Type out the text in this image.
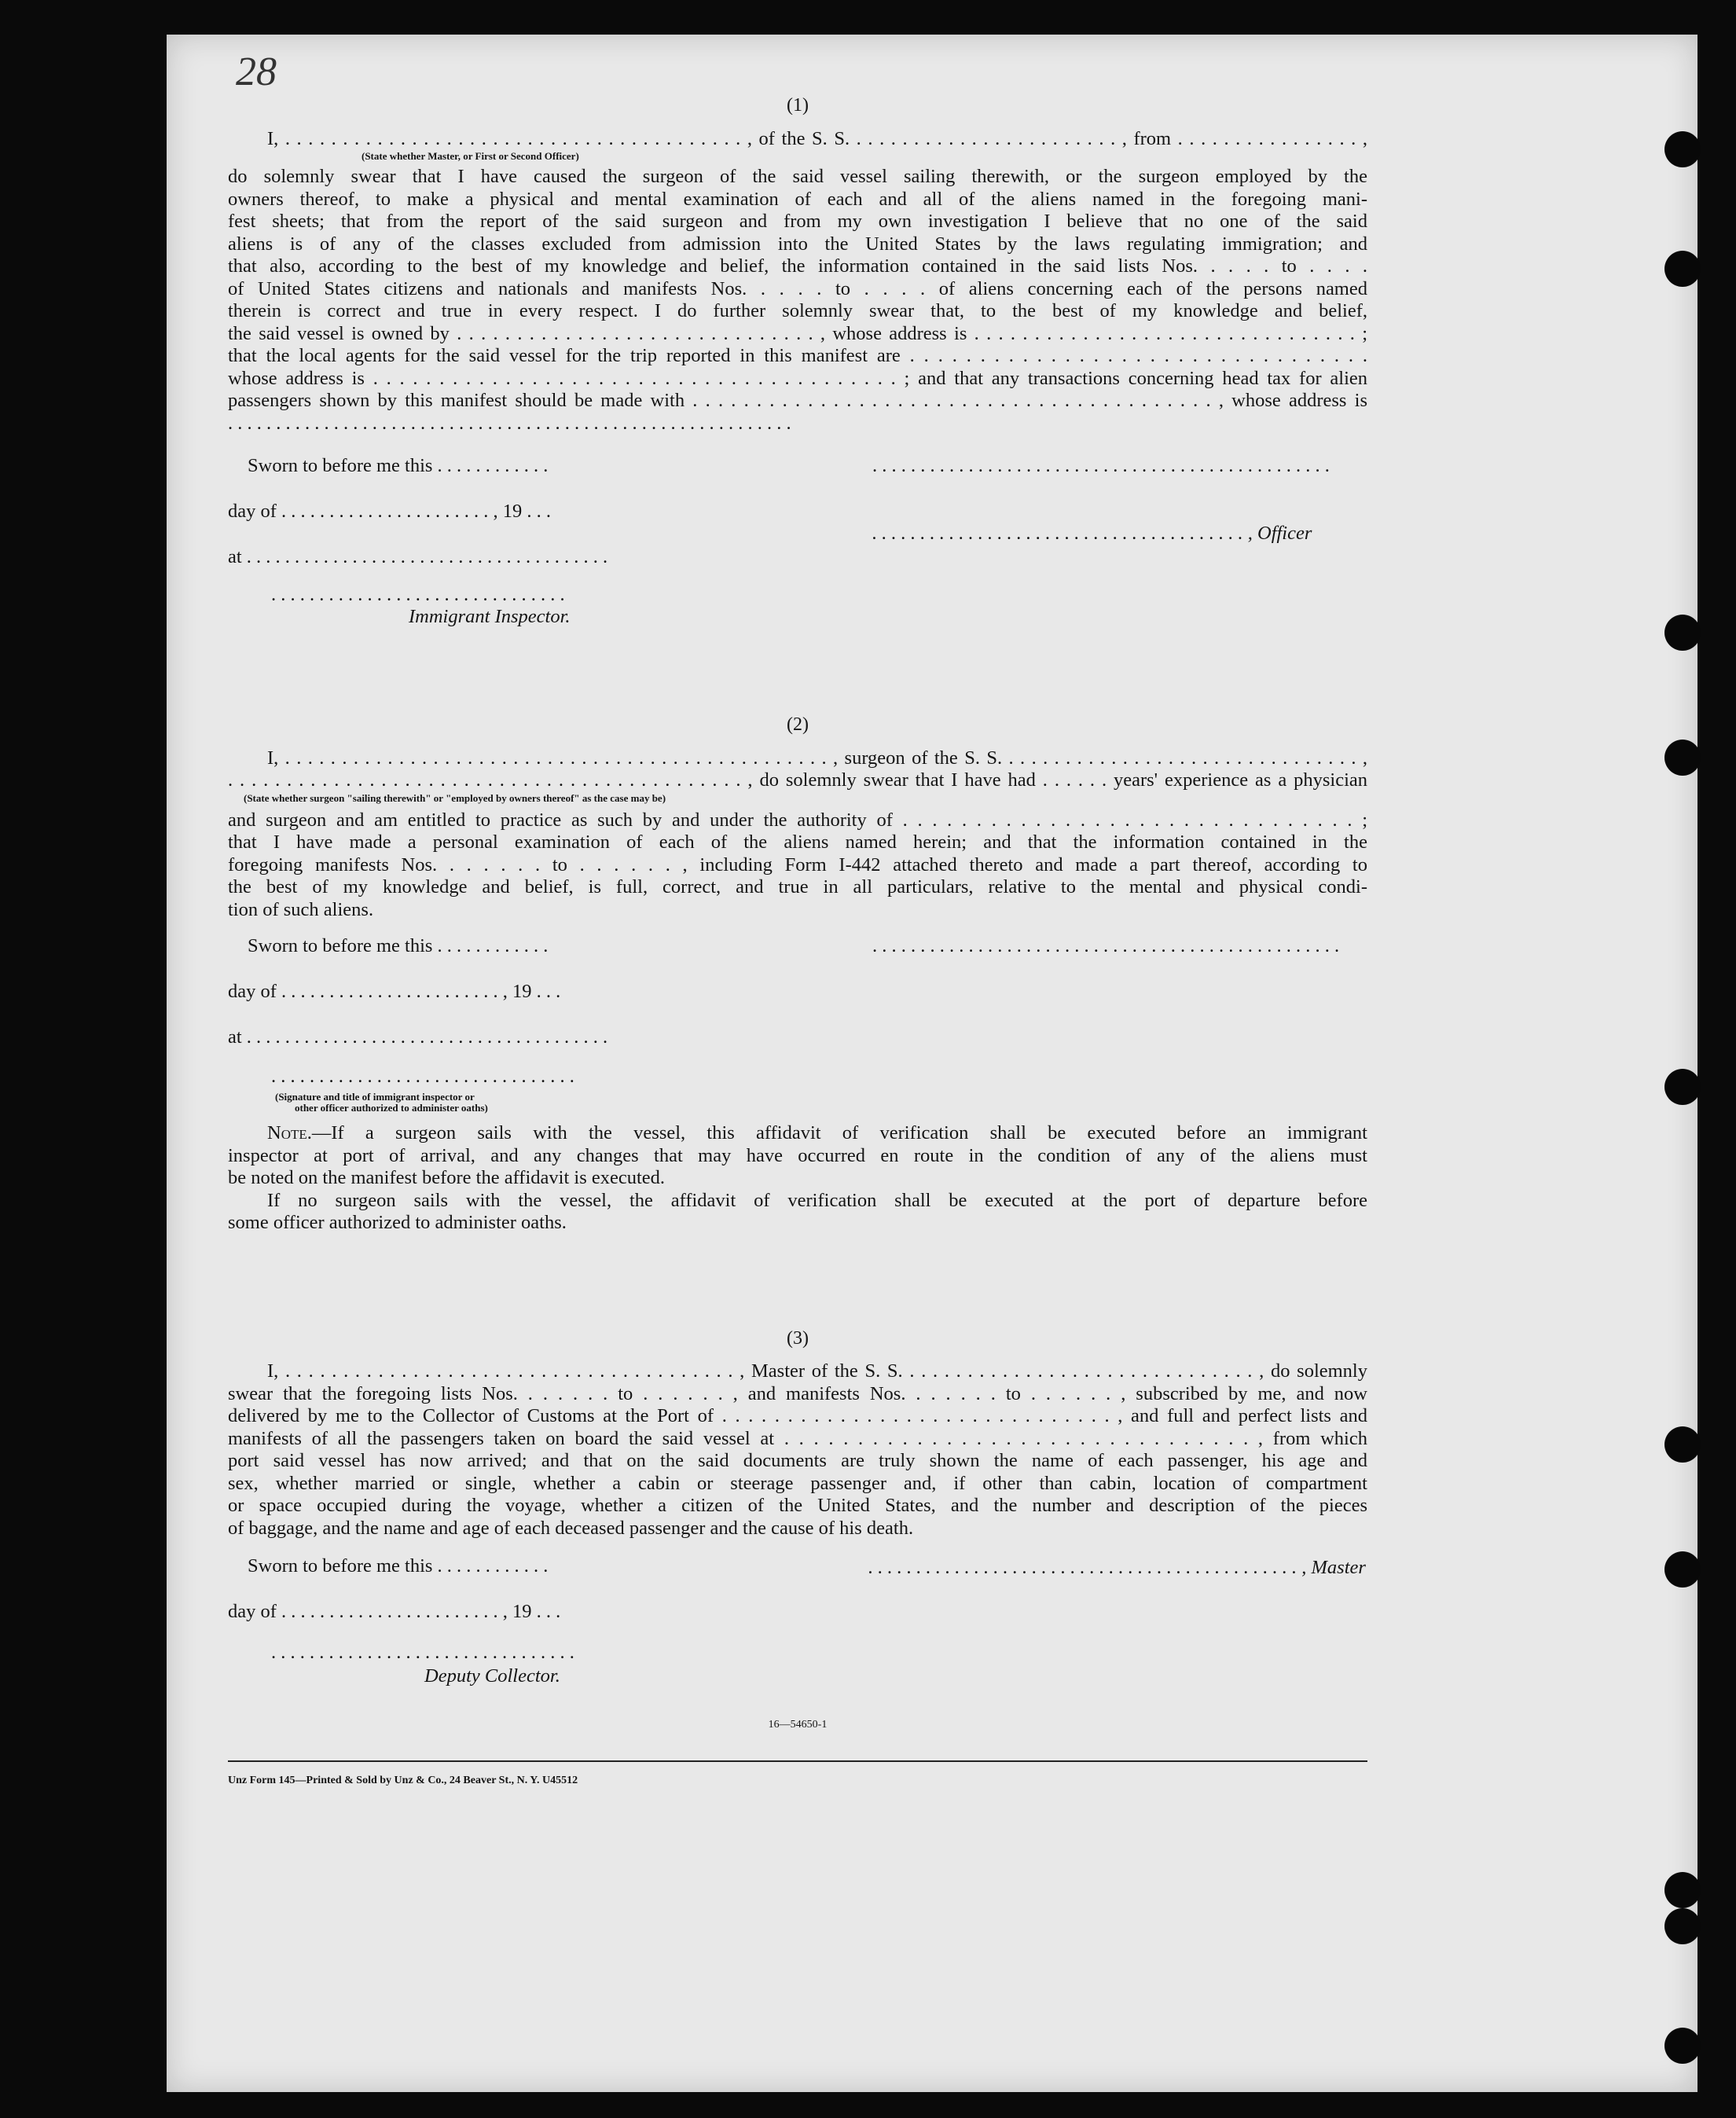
28

(1)

I, . . . . . . . . . . . . . . . . . . . . . . . . . . . . . . . . . . . . . . . . , of the S. S. . . . . . . . . . . . . . . . . . . . . . . . , from . . . . . . . . . . . . . . . . ,

(State whether Master, or First or Second Officer)

do solemnly swear that I have caused the surgeon of the said vessel sailing therewith, or the surgeon employed by the

owners thereof, to make a physical and mental examination of each and all of the aliens named in the foregoing mani-

fest sheets; that from the report of the said surgeon and from my own investigation I believe that no one of the said

aliens is of any of the classes excluded from admission into the United States by the laws regulating immigration; and

that also, according to the best of my knowledge and belief, the information contained in the said lists Nos. . . . . to . . . .

of United States citizens and nationals and manifests Nos. . . . . to . . . . of aliens concerning each of the persons named

therein is correct and true in every respect. I do further solemnly swear that, to the best of my knowledge and belief,

the said vessel is owned by . . . . . . . . . . . . . . . . . . . . . . . . . . . . . . , whose address is . . . . . . . . . . . . . . . . . . . . . . . . . . . . . . . . ;

that the local agents for the said vessel for the trip reported in this manifest are . . . . . . . . . . . . . . . . . . . . . . . . . . . . . . . . .

whose address is . . . . . . . . . . . . . . . . . . . . . . . . . . . . . . . . . . . . . . . . ; and that any transactions concerning head tax for alien

passengers shown by this manifest should be made with . . . . . . . . . . . . . . . . . . . . . . . . . . . . . . . . . . . . . . . . . , whose address is

. . . . . . . . . . . . . . . . . . . . . . . . . . . . . . . . . . . . . . . . . . . . . . . . . . . . . . . . . . .

Sworn to before me this . . . . . . . . . . . .	. . . . . . . . . . . . . . . . . . . . . . . . . . . . . . . . . . . . . . . . . . . . . . . .
day of . . . . . . . . . . . . . . . . . . . . . . , 19 . . .
. . . . . . . . . . . . . . . . . . . . . . . . . . . . . . . . . . . . . . . , Officer
at . . . . . . . . . . . . . . . . . . . . . . . . . . . . . . . . . . . . . .
. . . . . . . . . . . . . . . . . . . . . . . . . . . . . . .
Immigrant Inspector.

(2)

I, . . . . . . . . . . . . . . . . . . . . . . . . . . . . . . . . . . . . . . . . . . . . . . . . , surgeon of the S. S. . . . . . . . . . . . . . . . . . . . . . . . . . . . . . . . ,

. . . . . . . . . . . . . . . . . . . . . . . . . . . . . . . . . . . . . . . . . . . . , do solemnly swear that I have had . . . . . . years' experience as a physician

(State whether surgeon "sailing therewith" or "employed by owners thereof" as the case may be)

and surgeon and am entitled to practice as such by and under the authority of . . . . . . . . . . . . . . . . . . . . . . . . . . . . . . . ;

that I have made a personal examination of each of the aliens named herein; and that the information contained in the

foregoing manifests Nos. . . . . . . to . . . . . . , including Form I-442 attached thereto and made a part thereof, according to

the best of my knowledge and belief, is full, correct, and true in all particulars, relative to the mental and physical condi-

tion of such aliens.

Sworn to before me this . . . . . . . . . . . .	. . . . . . . . . . . . . . . . . . . . . . . . . . . . . . . . . . . . . . . . . . . . . . . . .
day of . . . . . . . . . . . . . . . . . . . . . . . , 19 . . .
at . . . . . . . . . . . . . . . . . . . . . . . . . . . . . . . . . . . . . .
. . . . . . . . . . . . . . . . . . . . . . . . . . . . . . . .
(Signature and title of immigrant inspector or
other officer authorized to administer oaths)

Note.—If a surgeon sails with the vessel, this affidavit of verification shall be executed before an immigrant

inspector at port of arrival, and any changes that may have occurred en route in the condition of any of the aliens must

be noted on the manifest before the affidavit is executed.

If no surgeon sails with the vessel, the affidavit of verification shall be executed at the port of departure before

some officer authorized to administer oaths.

(3)

I, . . . . . . . . . . . . . . . . . . . . . . . . . . . . . . . . . . . . . . . , Master of the S. S. . . . . . . . . . . . . . . . . . . . . . . . . . . . . . . , do solemnly

swear that the foregoing lists Nos. . . . . . . to . . . . . . , and manifests Nos. . . . . . . to . . . . . . , subscribed by me, and now

delivered by me to the Collector of Customs at the Port of . . . . . . . . . . . . . . . . . . . . . . . . . . . . . . , and full and perfect lists and

manifests of all the passengers taken on board the said vessel at . . . . . . . . . . . . . . . . . . . . . . . . . . . . . . . . , from which

port said vessel has now arrived; and that on the said documents are truly shown the name of each passenger, his age and

sex, whether married or single, whether a cabin or steerage passenger and, if other than cabin, location of compartment

or space occupied during the voyage, whether a citizen of the United States, and the number and description of the pieces

of baggage, and the name and age of each deceased passenger and the cause of his death.

Sworn to before me this . . . . . . . . . . . .	. . . . . . . . . . . . . . . . . . . . . . . . . . . . . . . . . . . . . . . . . . . . . , Master
day of . . . . . . . . . . . . . . . . . . . . . . . , 19 . . .
. . . . . . . . . . . . . . . . . . . . . . . . . . . . . . . .
Deputy Collector.

16—54650-1

Unz Form 145—Printed & Sold by Unz & Co., 24 Beaver St., N. Y. U45512
